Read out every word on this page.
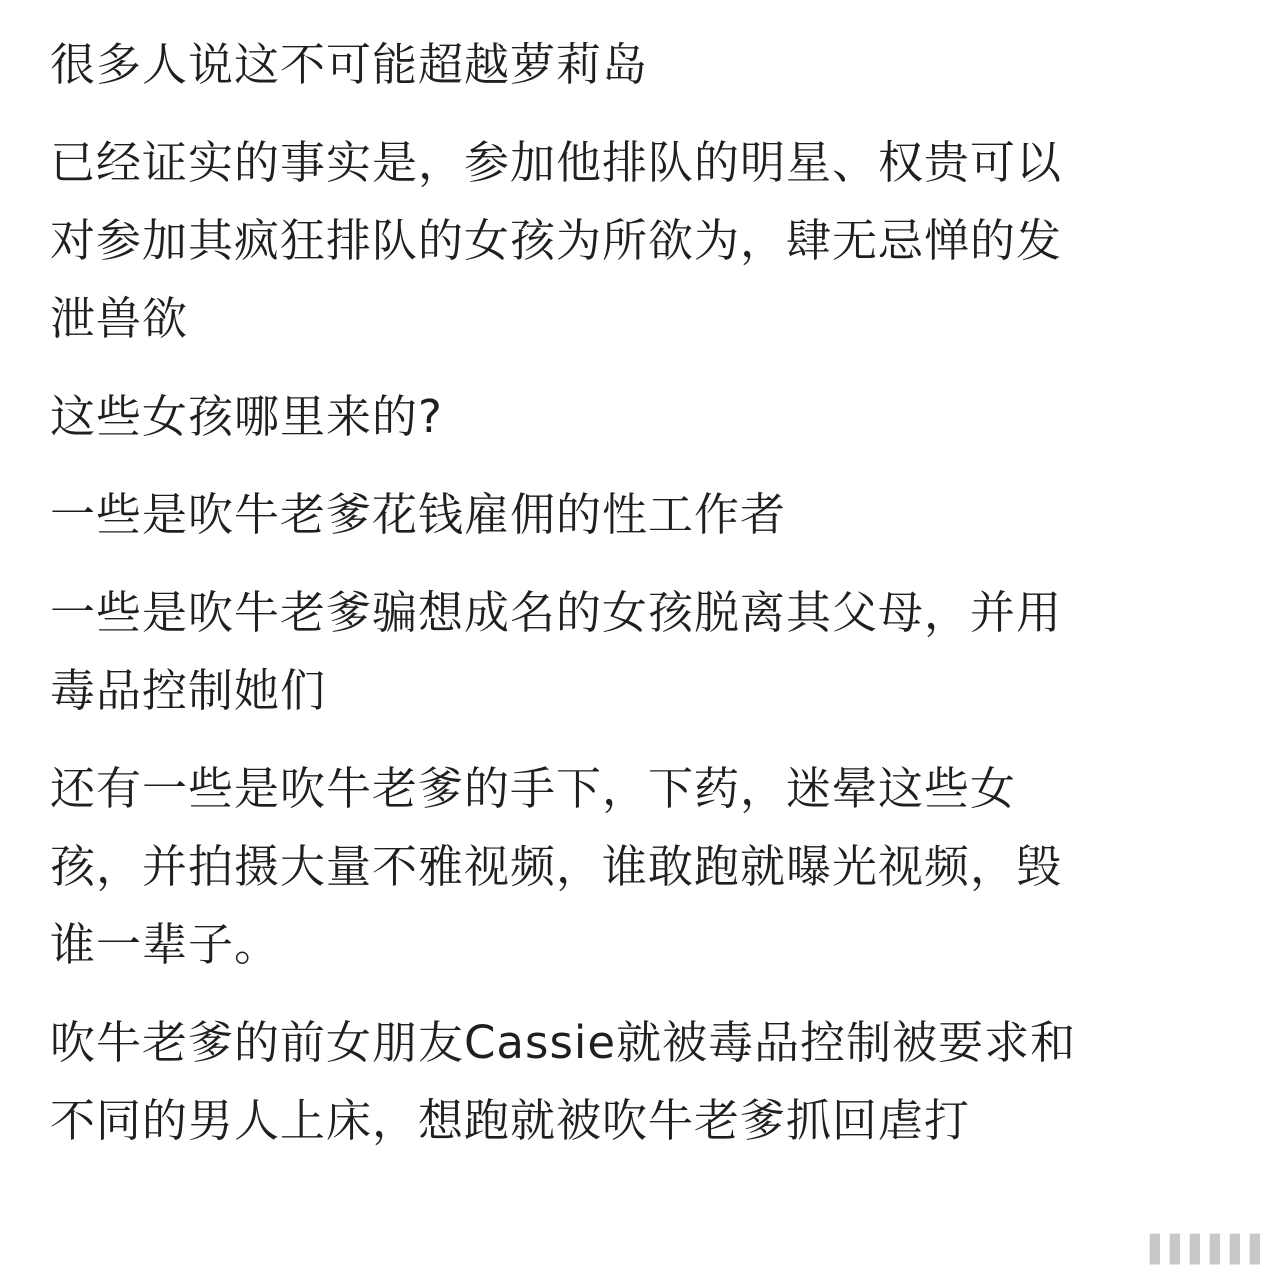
很多人说这不可能超越萝莉岛

已经证实的事实是，参加他排队的明星、权贵可以
对参加其疯狂排队的女孩为所欲为，肆无忌惮的发
泄兽欲

这些女孩哪里来的?

一些是吹牛老爹花钱雇佣的性工作者

一些是吹牛老爹骗想成名的女孩脱离其父母，并用
毒品控制她们

还有一些是吹牛老爹的手下，下药，迷晕这些女
孩，并拍摄大量不雅视频，谁敢跑就曝光视频，毁
谁一辈子。

吹牛老爹的前女朋友Cassie就被毒品控制被要求和
不同的男人上床，想跑就被吹牛老爹抓回虐打

▌▌▌▌▌▌
